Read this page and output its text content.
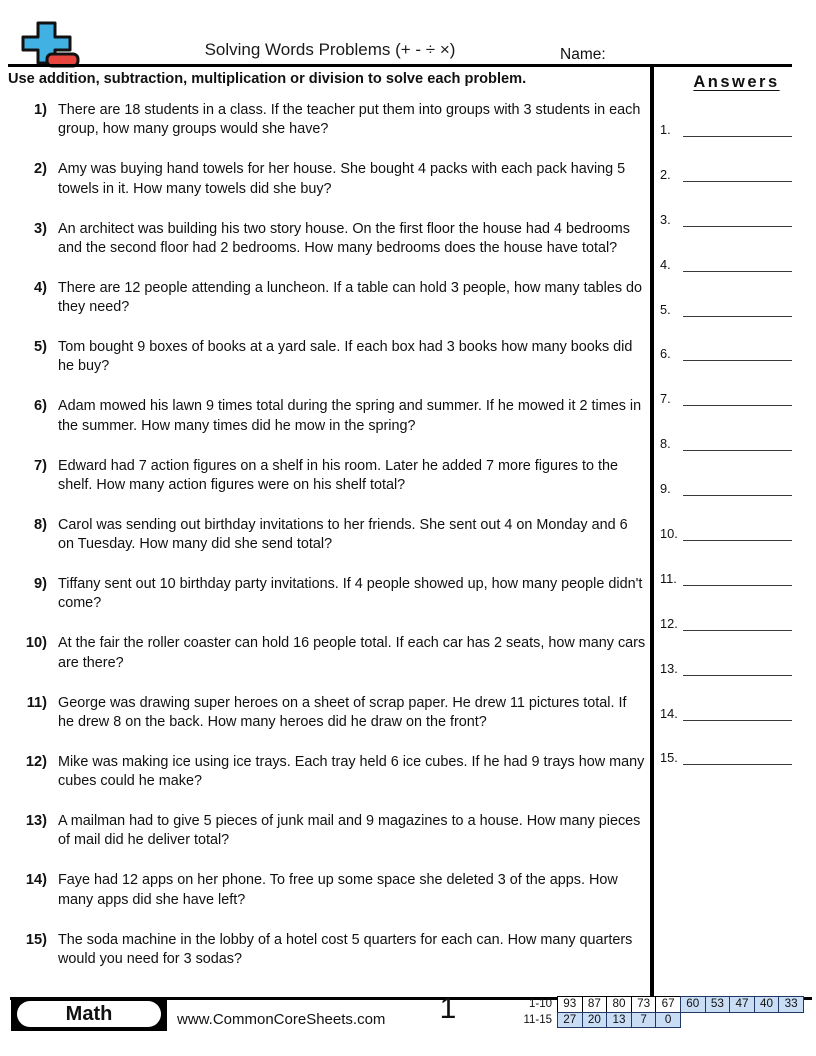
Solving Words Problems (+ - ÷ ×)	Name:
Use addition, subtraction, multiplication or division to solve each problem.
1) There are 18 students in a class. If the teacher put them into groups with 3 students in each group, how many groups would she have?
2) Amy was buying hand towels for her house. She bought 4 packs with each pack having 5 towels in it. How many towels did she buy?
3) An architect was building his two story house. On the first floor the house had 4 bedrooms and the second floor had 2 bedrooms. How many bedrooms does the house have total?
4) There are 12 people attending a luncheon. If a table can hold 3 people, how many tables do they need?
5) Tom bought 9 boxes of books at a yard sale. If each box had 3 books how many books did he buy?
6) Adam mowed his lawn 9 times total during the spring and summer. If he mowed it 2 times in the summer. How many times did he mow in the spring?
7) Edward had 7 action figures on a shelf in his room. Later he added 7 more figures to the shelf. How many action figures were on his shelf total?
8) Carol was sending out birthday invitations to her friends. She sent out 4 on Monday and 6 on Tuesday. How many did she send total?
9) Tiffany sent out 10 birthday party invitations. If 4 people showed up, how many people didn't come?
10) At the fair the roller coaster can hold 16 people total. If each car has 2 seats, how many cars are there?
11) George was drawing super heroes on a sheet of scrap paper. He drew 11 pictures total. If he drew 8 on the back. How many heroes did he draw on the front?
12) Mike was making ice using ice trays. Each tray held 6 ice cubes. If he had 9 trays how many cubes could he make?
13) A mailman had to give 5 pieces of junk mail and 9 magazines to a house. How many pieces of mail did he deliver total?
14) Faye had 12 apps on her phone. To free up some space she deleted 3 of the apps. How many apps did she have left?
15) The soda machine in the lobby of a hotel cost 5 quarters for each can. How many quarters would you need for 3 sodas?
Answers
1.
2.
3.
4.
5.
6.
7.
8.
9.
10.
11.
12.
13.
14.
15.
Math	www.CommonCoreSheets.com 1	1-10 93 87 80 73 67 60 53 47 40 33
11-15 27 20 13	7	0
